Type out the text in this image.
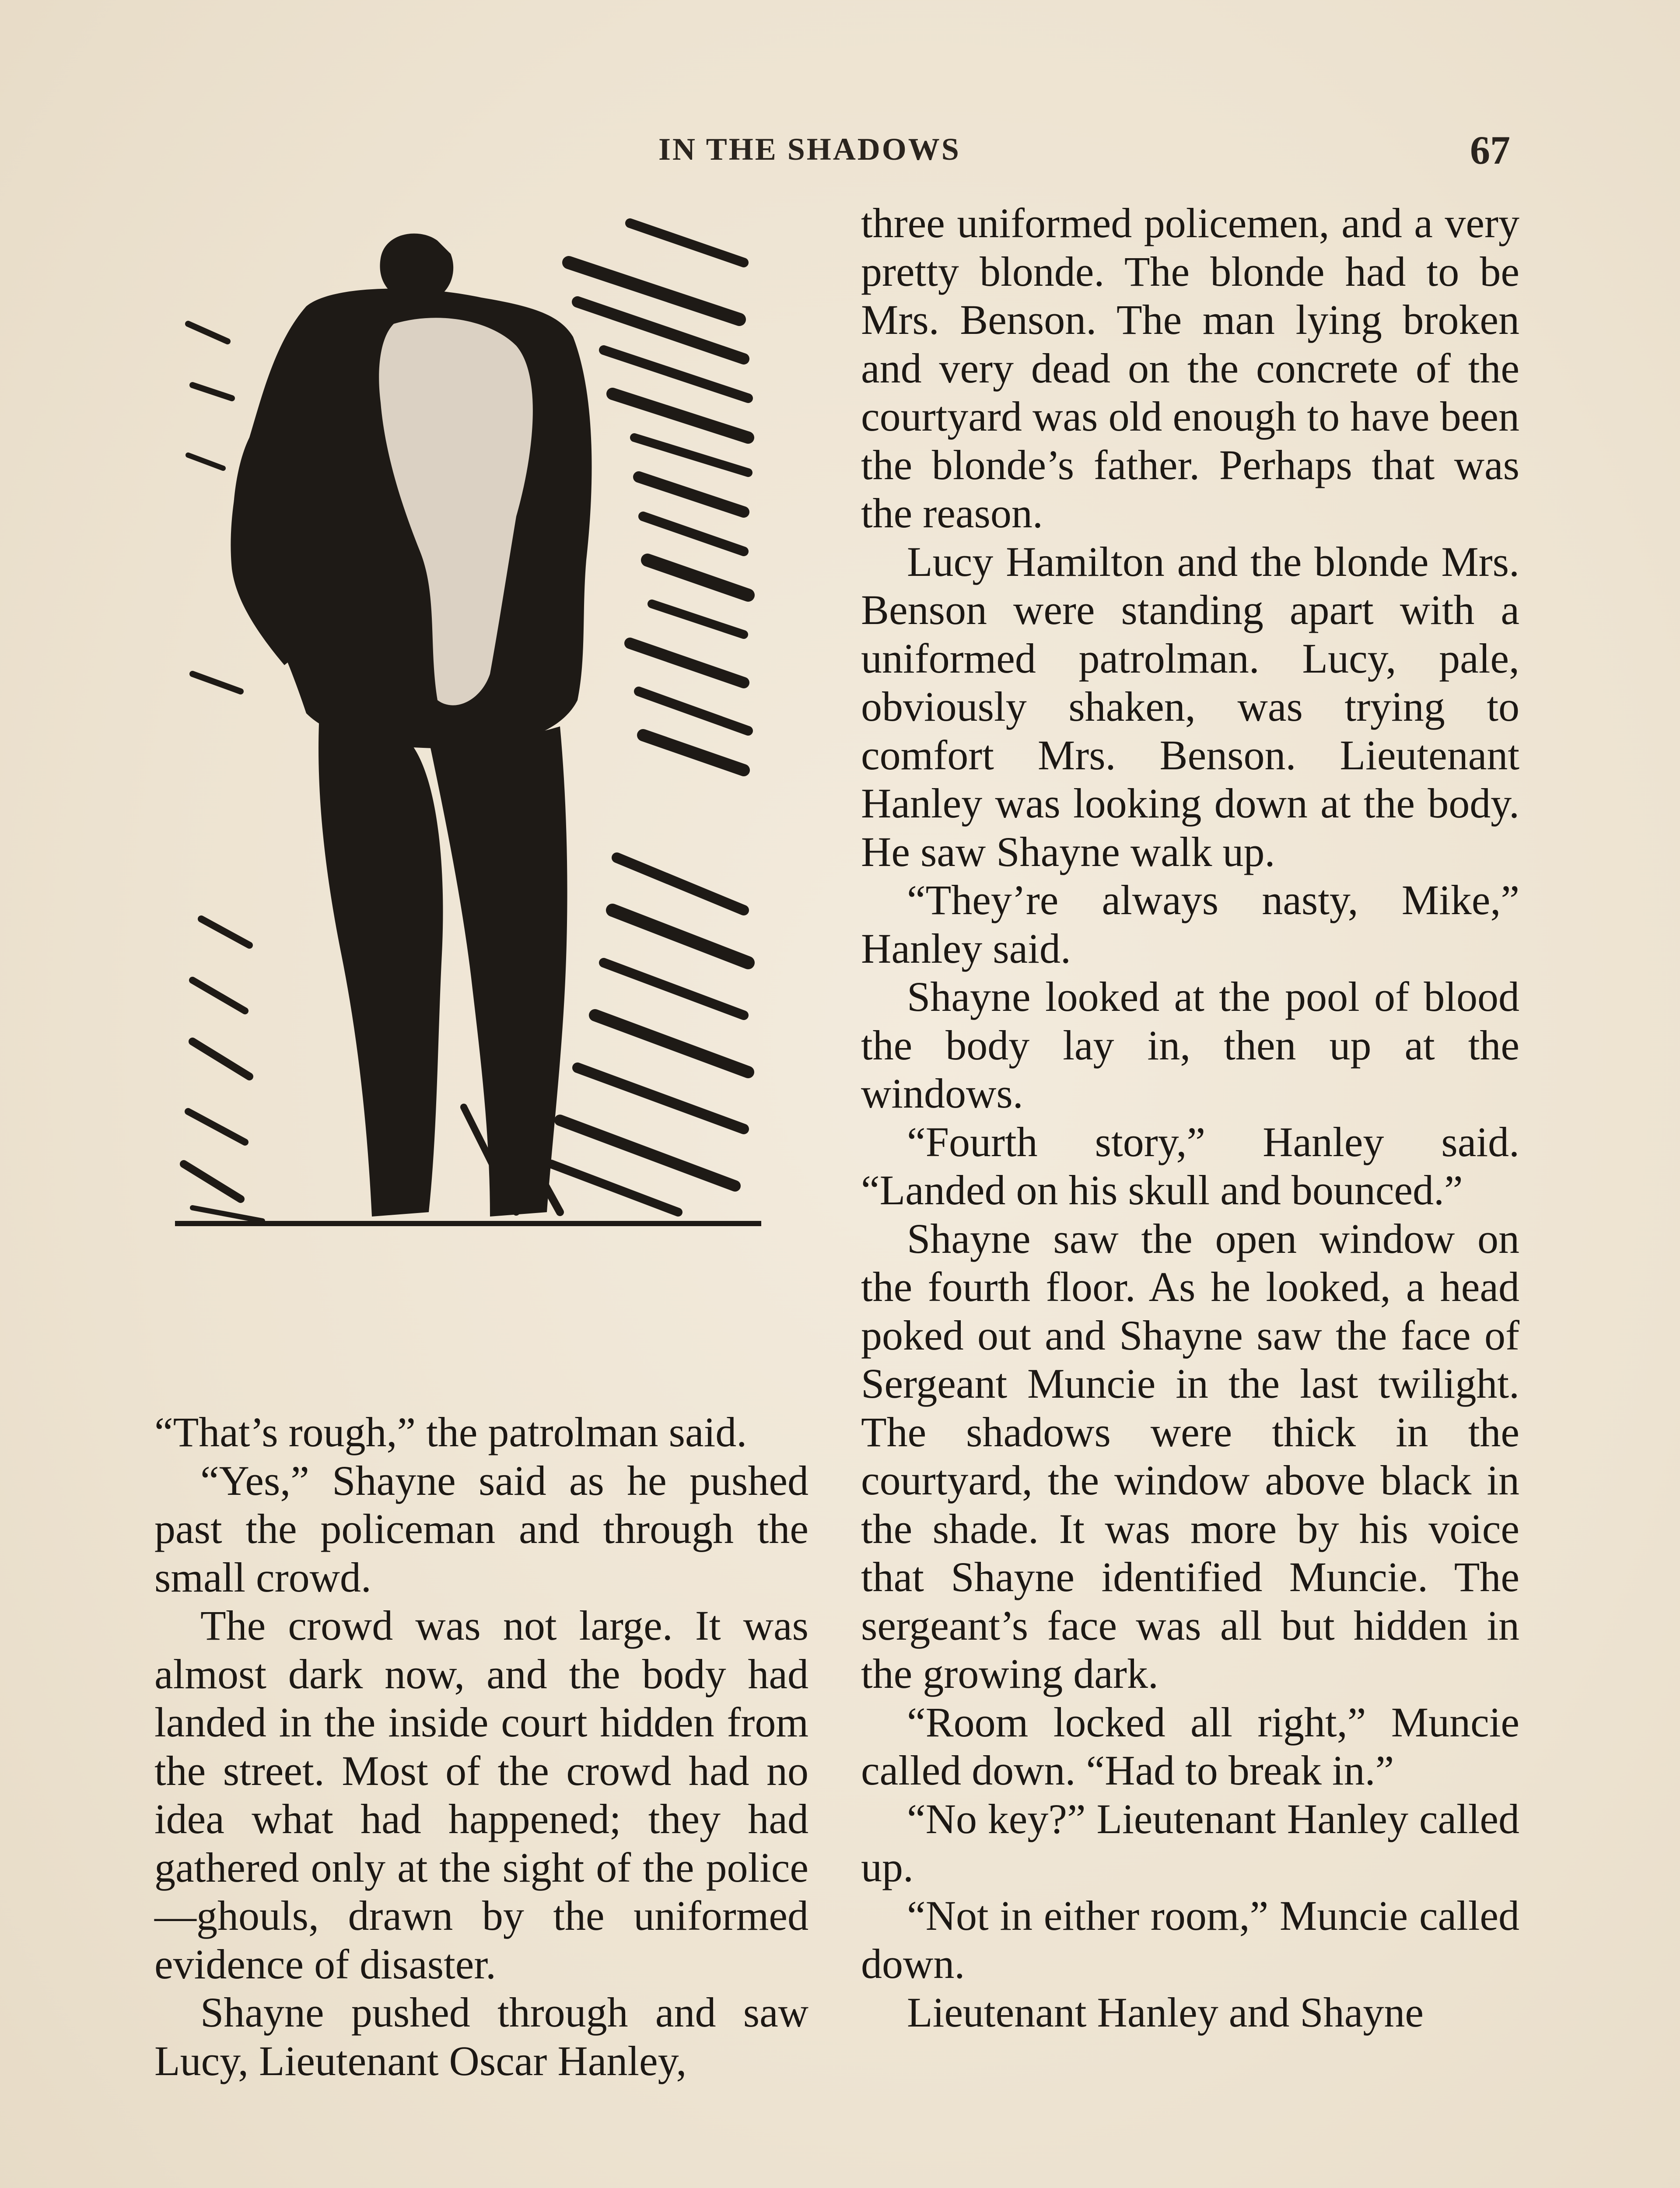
IN THE SHADOWS	67

“That’s rough,” the patrolman said.

“Yes,” Shayne said as he pushed past the policeman and through the small crowd.

The crowd was not large. It was almost dark now, and the body had landed in the inside court hidden from the street. Most of the crowd had no idea what had happened; they had gathered only at the sight of the police—ghouls, drawn by the uniformed evidence of disaster.

Shayne pushed through and saw Lucy, Lieutenant Oscar Hanley,

three uniformed policemen, and a very pretty blonde. The blonde had to be Mrs. Benson. The man lying broken and very dead on the concrete of the courtyard was old enough to have been the blonde’s father. Perhaps that was the reason.

Lucy Hamilton and the blonde Mrs. Benson were standing apart with a uniformed patrolman. Lucy, pale, obviously shaken, was trying to comfort Mrs. Benson. Lieutenant Hanley was looking down at the body. He saw Shayne walk up.

“They’re always nasty, Mike,” Hanley said.

Shayne looked at the pool of blood the body lay in, then up at the windows.

“Fourth story,” Hanley said. “Landed on his skull and bounced.”

Shayne saw the open window on the fourth floor. As he looked, a head poked out and Shayne saw the face of Sergeant Muncie in the last twilight. The shadows were thick in the courtyard, the window above black in the shade. It was more by his voice that Shayne identified Muncie. The sergeant’s face was all but hidden in the growing dark.

“Room locked all right,” Muncie called down. “Had to break in.”

“No key?” Lieutenant Hanley called up.

“Not in either room,” Muncie called down.

Lieutenant Hanley and Shayne
